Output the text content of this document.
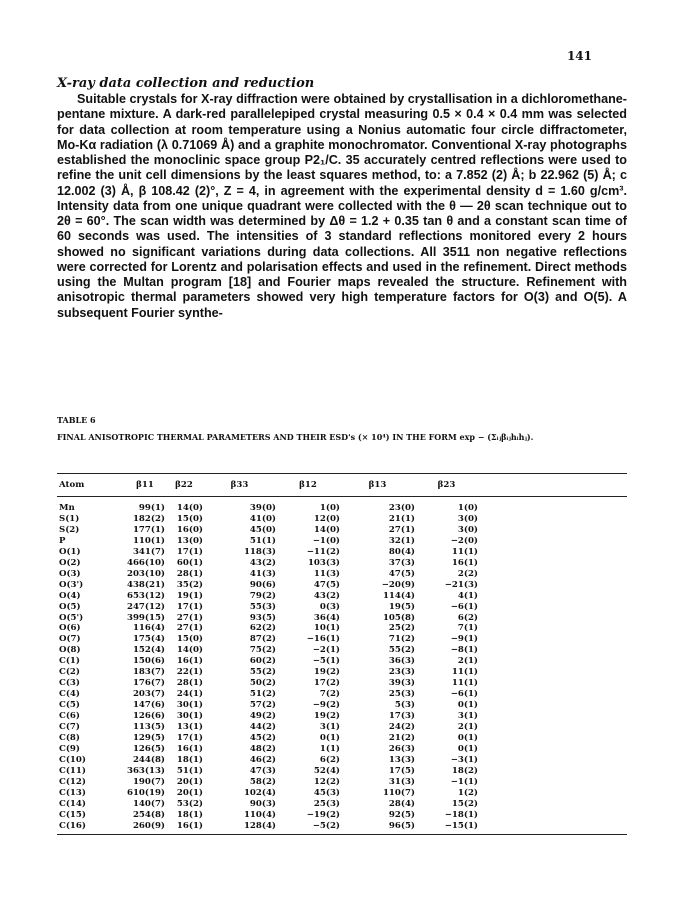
141
X-ray data collection and reduction

Suitable crystals for X-ray diffraction were obtained by crystallisation in a dichloromethane-pentane mixture. A dark-red parallelepiped crystal measuring 0.5 × 0.4 × 0.4 mm was selected for data collection at room temperature using a Nonius automatic four circle diffractometer, Mo-Kα radiation (λ 0.71069 Å) and a graphite monochromator. Conventional X-ray photographs established the monoclinic space group P2₁/C. 35 accurately centred reflections were used to refine the unit cell dimensions by the least squares method, to: a 7.852 (2) Å; b 22.962 (5) Å; c 12.002 (3) Å, β 108.42 (2)°, Z = 4, in agreement with the experimental density d = 1.60 g/cm³. Intensity data from one unique quadrant were collected with the θ — 2θ scan technique out to 2θ = 60°. The scan width was determined by Δθ = 1.2 + 0.35 tan θ and a constant scan time of 60 seconds was used. The intensities of 3 standard reflections monitored every 2 hours showed no significant variations during data collections. All 3511 non negative reflections were corrected for Lorentz and polarisation effects and used in the refinement. Direct methods using the Multan program [18] and Fourier maps revealed the structure. Refinement with anisotropic thermal parameters showed very high temperature factors for O(3) and O(5). A subsequent Fourier synthe-

TABLE 6
FINAL ANISOTROPIC THERMAL PARAMETERS AND THEIR ESD's (× 10⁴) IN THE FORM exp − (Σᵢⱼβᵢⱼhᵢhⱼ).
Atom	β11	β22	β33	β12	β13	β23	
Mn	99(1)	14(0)	39(0)	1(0)	23(0)	1(0)	
S(1)	182(2)	15(0)	41(0)	12(0)	21(1)	3(0)	
S(2)	177(1)	16(0)	45(0)	14(0)	27(1)	3(0)	
P	110(1)	13(0)	51(1)	−1(0)	32(1)	−2(0)	
O(1)	341(7)	17(1)	118(3)	−11(2)	80(4)	11(1)	
O(2)	466(10)	60(1)	43(2)	103(3)	37(3)	16(1)	
O(3)	203(10)	28(1)	41(3)	11(3)	47(5)	2(2)	
O(3')	438(21)	35(2)	90(6)	47(5)	−20(9)	−21(3)	
O(4)	653(12)	19(1)	79(2)	43(2)	114(4)	4(1)	
O(5)	247(12)	17(1)	55(3)	0(3)	19(5)	−6(1)	
O(5')	399(15)	27(1)	93(5)	36(4)	105(8)	6(2)	
O(6)	116(4)	27(1)	62(2)	10(1)	25(2)	7(1)	
O(7)	175(4)	15(0)	87(2)	−16(1)	71(2)	−9(1)	
O(8)	152(4)	14(0)	75(2)	−2(1)	55(2)	−8(1)	
C(1)	150(6)	16(1)	60(2)	−5(1)	36(3)	2(1)	
C(2)	183(7)	22(1)	55(2)	19(2)	23(3)	11(1)	
C(3)	176(7)	28(1)	50(2)	17(2)	39(3)	11(1)	
C(4)	203(7)	24(1)	51(2)	7(2)	25(3)	−6(1)	
C(5)	147(6)	30(1)	57(2)	−9(2)	5(3)	0(1)	
C(6)	126(6)	30(1)	49(2)	19(2)	17(3)	3(1)	
C(7)	113(5)	13(1)	44(2)	3(1)	24(2)	2(1)	
C(8)	129(5)	17(1)	45(2)	0(1)	21(2)	0(1)	
C(9)	126(5)	16(1)	48(2)	1(1)	26(3)	0(1)	
C(10)	244(8)	18(1)	46(2)	6(2)	13(3)	−3(1)	
C(11)	363(13)	51(1)	47(3)	52(4)	17(5)	18(2)	
C(12)	190(7)	20(1)	58(2)	12(2)	31(3)	−1(1)	
C(13)	610(19)	20(1)	102(4)	45(3)	110(7)	1(2)	
C(14)	140(7)	53(2)	90(3)	25(3)	28(4)	15(2)	
C(15)	254(8)	18(1)	110(4)	−19(2)	92(5)	−18(1)	
C(16)	260(9)	16(1)	128(4)	−5(2)	96(5)	−15(1)	
